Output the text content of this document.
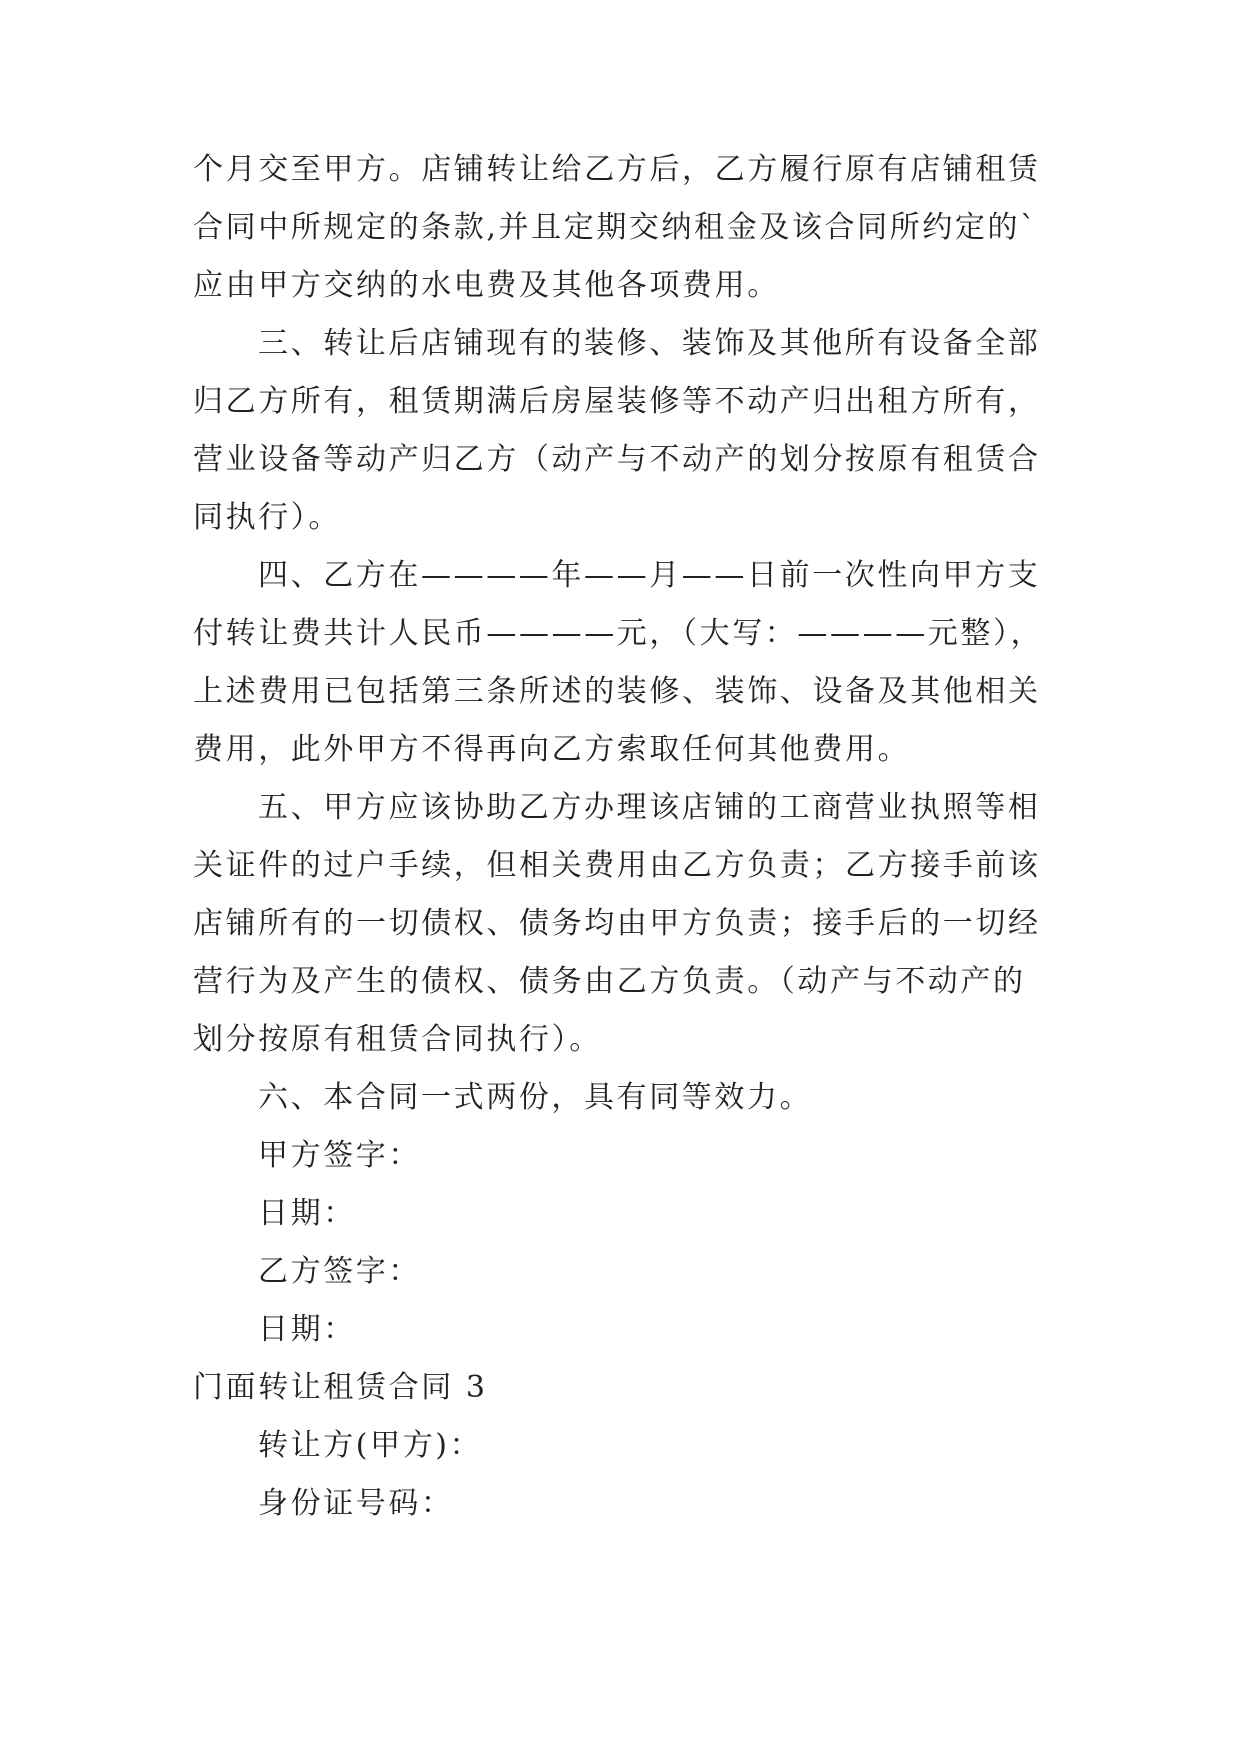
个月交至甲方。店铺转让给乙方后，乙方履行原有店铺租赁
合同中所规定的条款,并且定期交纳租金及该合同所约定的`
应由甲方交纳的水电费及其他各项费用。
三、转让后店铺现有的装修、装饰及其他所有设备全部
归乙方所有，租赁期满后房屋装修等不动产归出租方所有，
营业设备等动产归乙方（动产与不动产的划分按原有租赁合
同执行）。
四、乙方在————年——月——日前一次性向甲方支
付转让费共计人民币————元，（大写：————元整），
上述费用已包括第三条所述的装修、装饰、设备及其他相关
费用，此外甲方不得再向乙方索取任何其他费用。
五、甲方应该协助乙方办理该店铺的工商营业执照等相
关证件的过户手续，但相关费用由乙方负责；乙方接手前该
店铺所有的一切债权、债务均由甲方负责；接手后的一切经
营行为及产生的债权、债务由乙方负责。（动产与不动产的
划分按原有租赁合同执行）。
六、本合同一式两份，具有同等效力。
甲方签字：
日期：
乙方签字：
日期：
门面转让租赁合同 3
转让方(甲方)：
身份证号码：
